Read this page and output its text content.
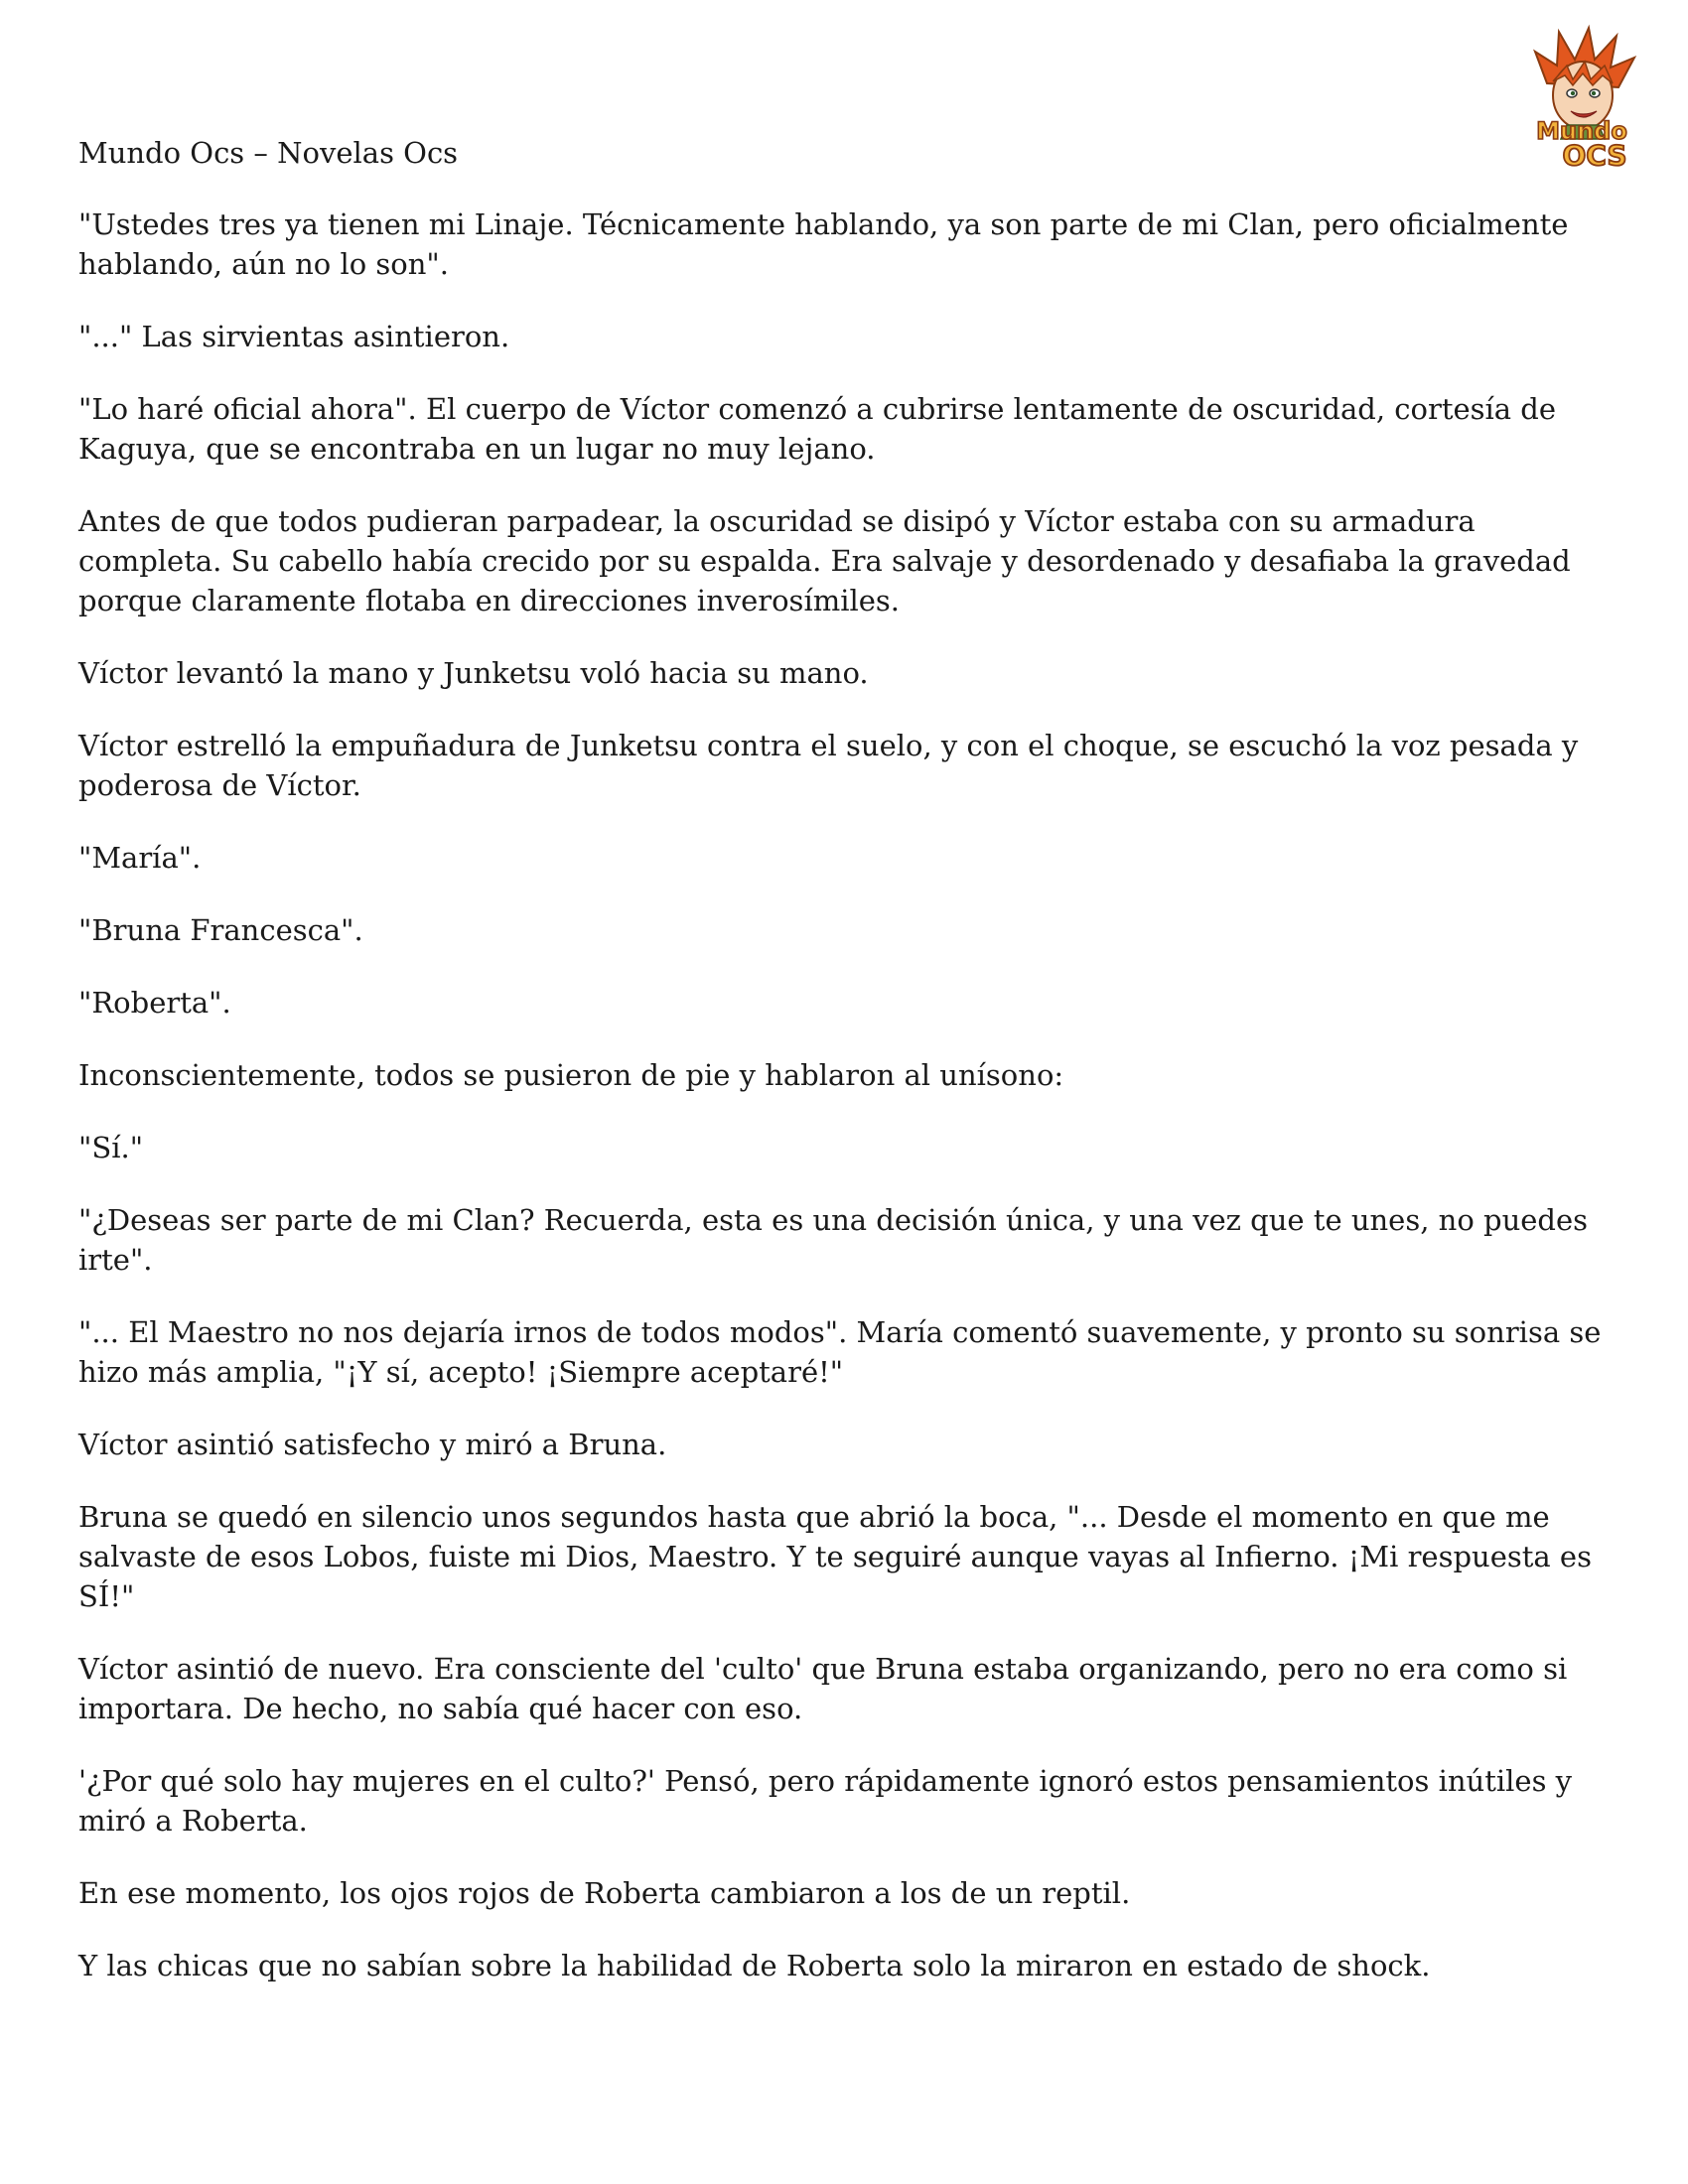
Mundo Ocs – Novelas Ocs
Mundo
OCS

"Ustedes tres ya tienen mi Linaje. Técnicamente hablando, ya son parte de mi Clan, pero oficialmente hablando, aún no lo son".

"..." Las sirvientas asintieron.

"Lo haré oficial ahora". El cuerpo de Víctor comenzó a cubrirse lentamente de oscuridad, cortesía de Kaguya, que se encontraba en un lugar no muy lejano.

Antes de que todos pudieran parpadear, la oscuridad se disipó y Víctor estaba con su armadura completa. Su cabello había crecido por su espalda. Era salvaje y desordenado y desafiaba la gravedad porque claramente flotaba en direcciones inverosímiles.

Víctor levantó la mano y Junketsu voló hacia su mano.

Víctor estrelló la empuñadura de Junketsu contra el suelo, y con el choque, se escuchó la voz pesada y poderosa de Víctor.

"María".

"Bruna Francesca".

"Roberta".

Inconscientemente, todos se pusieron de pie y hablaron al unísono:

"Sí."

"¿Deseas ser parte de mi Clan? Recuerda, esta es una decisión única, y una vez que te unes, no puedes irte".

"... El Maestro no nos dejaría irnos de todos modos". María comentó suavemente, y pronto su sonrisa se hizo más amplia, "¡Y sí, acepto! ¡Siempre aceptaré!"

Víctor asintió satisfecho y miró a Bruna.

Bruna se quedó en silencio unos segundos hasta que abrió la boca, "... Desde el momento en que me salvaste de esos Lobos, fuiste mi Dios, Maestro. Y te seguiré aunque vayas al Infierno. ¡Mi respuesta es SÍ!"

Víctor asintió de nuevo. Era consciente del 'culto' que Bruna estaba organizando, pero no era como si importara. De hecho, no sabía qué hacer con eso.

'¿Por qué solo hay mujeres en el culto?' Pensó, pero rápidamente ignoró estos pensamientos inútiles y miró a Roberta.

En ese momento, los ojos rojos de Roberta cambiaron a los de un reptil.

Y las chicas que no sabían sobre la habilidad de Roberta solo la miraron en estado de shock.
